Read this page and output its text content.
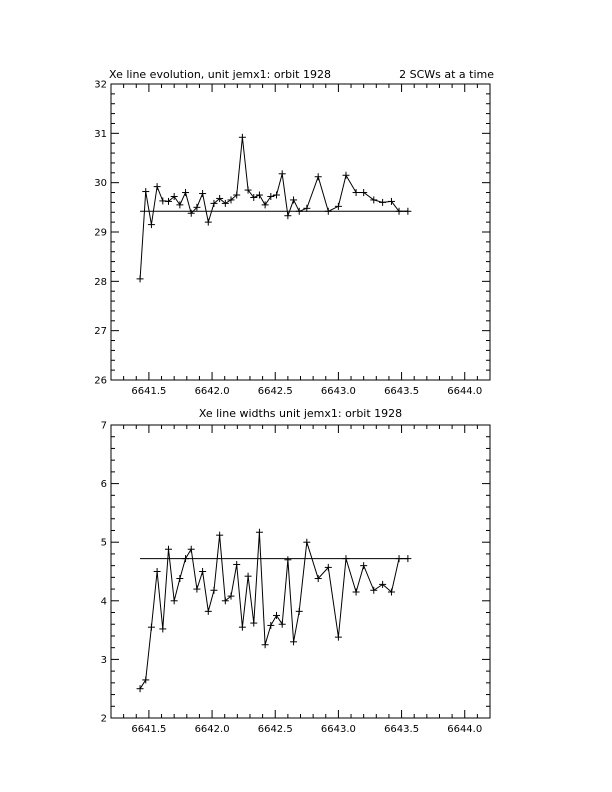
Xe line evolution, unit jemx1: orbit 1928	2 SCWs at a time
6641.5	6642.0	6642.5	6643.0	6643.5	6644.0
26
27
28
29
30
31
32
Xe line widths unit jemx1: orbit 1928
6641.5	6642.0	6642.5	6643.0	6643.5	6644.0
2
3
4
5
6
7
